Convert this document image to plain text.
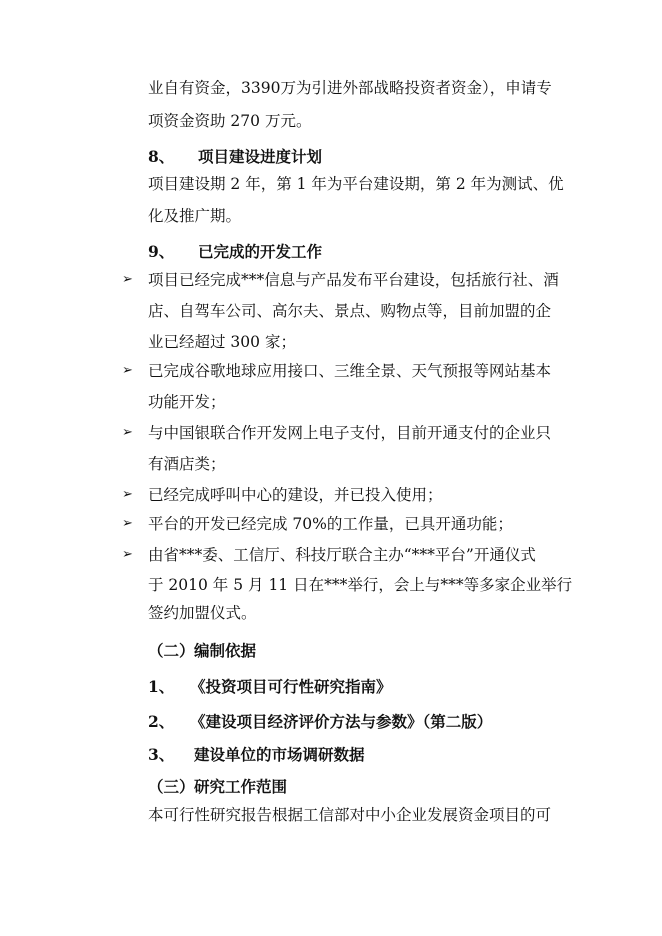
业自有资金，3390万为引进外部战略投资者资金），申请专
项资金资助 270 万元。
8、 项目建设进度计划
项目建设期 2 年，第 1 年为平台建设期，第 2 年为测试、优
化及推广期。
9、 已完成的开发工作
➢ 项目已经完成***信息与产品发布平台建设，包括旅行社、酒
店、自驾车公司、高尔夫、景点、购物点等，目前加盟的企
业已经超过 300 家；
➢ 已完成谷歌地球应用接口、三维全景、天气预报等网站基本
功能开发；
➢ 与中国银联合作开发网上电子支付，目前开通支付的企业只
有酒店类；
➢ 已经完成呼叫中心的建设，并已投入使用；
➢ 平台的开发已经完成 70%的工作量，已具开通功能；
➢ 由省***委、工信厅、科技厅联合主办“***平台”开通仪式
于 2010 年 5 月 11 日在***举行，会上与***等多家企业举行
签约加盟仪式。
（二）编制依据
1、 《投资项目可行性研究指南》
2、 《建设项目经济评价方法与参数》（第二版）
3、 建设单位的市场调研数据
（三）研究工作范围
本可行性研究报告根据工信部对中小企业发展资金项目的可
